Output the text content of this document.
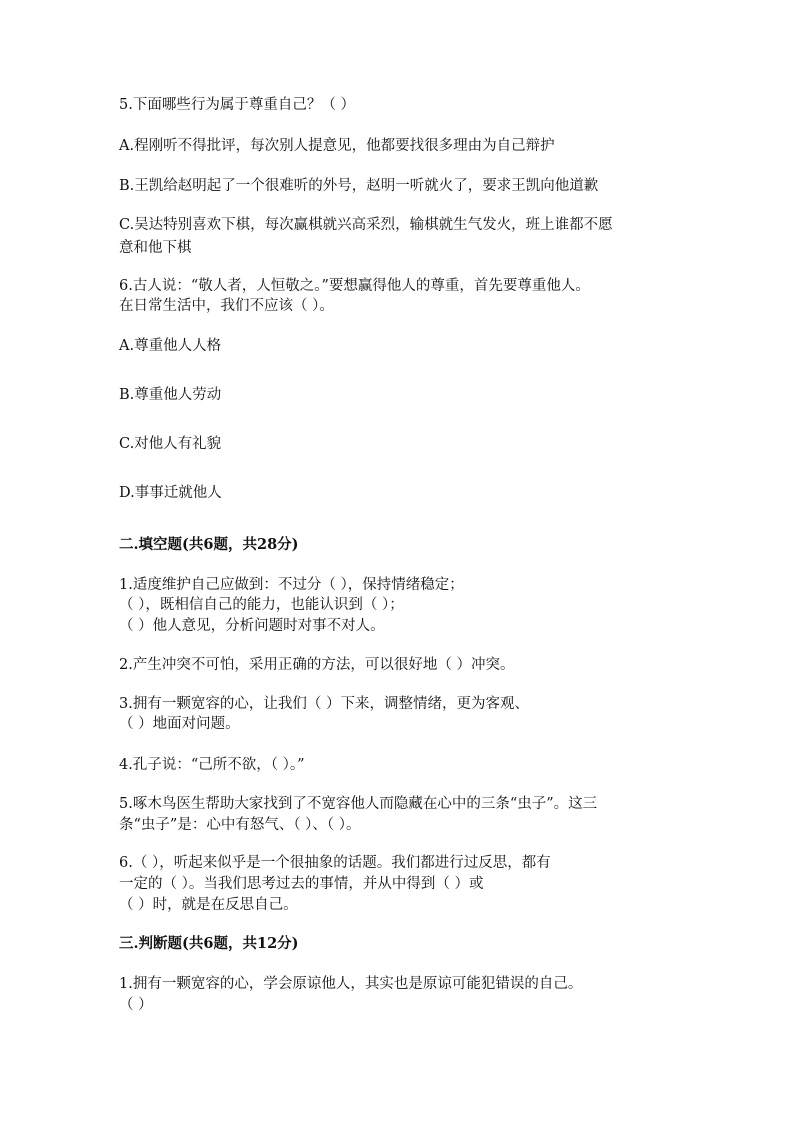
5.下面哪些行为属于尊重自己？（ ）

A.程刚听不得批评，每次别人提意见，他都要找很多理由为自己辩护

B.王凯给赵明起了一个很难听的外号，赵明一听就火了，要求王凯向他道歉

C.吴达特别喜欢下棋，每次赢棋就兴高采烈，输棋就生气发火，班上谁都不愿

意和他下棋

6.古人说：“敬人者，人恒敬之。”要想赢得他人的尊重，首先要尊重他人。

在日常生活中，我们不应该（ ）。

A.尊重他人人格

B.尊重他人劳动

C.对他人有礼貌

D.事事迁就他人

二.填空题(共6题，共28分)

1.适度维护自己应做到：不过分（ ），保持情绪稳定；

（ ），既相信自己的能力，也能认识到（ ）；

（ ）他人意见，分析问题时对事不对人。

2.产生冲突不可怕，采用正确的方法，可以很好地（ ）冲突。

3.拥有一颗宽容的心，让我们（ ）下来，调整情绪，更为客观、

（ ）地面对问题。

4.孔子说：“己所不欲，（ ）。”

5.啄木鸟医生帮助大家找到了不宽容他人而隐藏在心中的三条“虫子”。这三

条“虫子”是：心中有怒气、（ ）、（ ）。

6.（ ），听起来似乎是一个很抽象的话题。我们都进行过反思，都有

一定的（ ）。当我们思考过去的事情，并从中得到（ ）或

（ ）时，就是在反思自己。

三.判断题(共6题，共12分)

1.拥有一颗宽容的心，学会原谅他人，其实也是原谅可能犯错误的自己。

（ ）
